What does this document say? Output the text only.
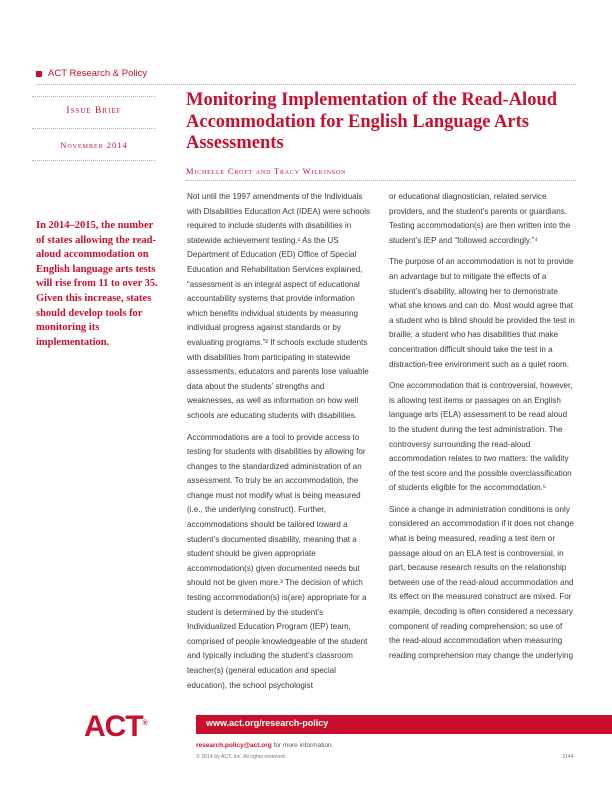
ACT Research & Policy
Issue Brief
November 2014
Monitoring Implementation of the Read-Aloud Accommodation for English Language Arts Assessments
Michelle Croft and Tracy Wilkinson
In 2014–2015, the number of states allowing the read-aloud accommodation on English language arts tests will rise from 11 to over 35. Given this increase, states should develop tools for monitoring its implementation.

Not until the 1997 amendments of the Individuals with Disabilities Education Act (IDEA) were schools required to include students with disabilities in statewide achievement testing.¹ As the US Department of Education (ED) Office of Special Education and Rehabilitation Services explained, “assessment is an integral aspect of educational accountability systems that provide information which benefits individual students by measuring individual progress against standards or by evaluating programs.”² If schools exclude students with disabilities from participating in statewide assessments, educators and parents lose valuable data about the students’ strengths and weaknesses, as well as information on how well schools are educating students with disabilities.

Accommodations are a tool to provide access to testing for students with disabilities by allowing for changes to the standardized administration of an assessment. To truly be an accommodation, the change must not modify what is being measured (i.e., the underlying construct). Further, accommodations should be tailored toward a student’s documented disability, meaning that a student should be given appropriate accommodation(s) given documented needs but should not be given more.³ The decision of which testing accommodation(s) is(are) appropriate for a student is determined by the student’s Individualized Education Program (IEP) team, comprised of people knowledgeable of the student and typically including the student’s classroom teacher(s) (general education and special education), the school psychologist

or educational diagnostician, related service providers, and the student’s parents or guardians. Testing accommodation(s) are then written into the student’s IEP and “followed accordingly.”⁴

The purpose of an accommodation is not to provide an advantage but to mitigate the effects of a student’s disability, allowing her to demonstrate what she knows and can do. Most would agree that a student who is blind should be provided the test in braille; a student who has disabilities that make concentration difficult should take the test in a distraction-free environment such as a quiet room.

One accommodation that is controversial, however, is allowing test items or passages on an English language arts (ELA) assessment to be read aloud to the student during the test administration. The controversy surrounding the read-aloud accommodation relates to two matters: the validity of the test score and the possible overclassification of students eligible for the accommodation.⁵

Since a change in administration conditions is only considered an accommodation if it does not change what is being measured, reading a test item or passage aloud on an ELA test is controversial, in part, because research results on the relationship between use of the read-aloud accommodation and its effect on the measured construct are mixed. For example, decoding is often considered a necessary component of reading comprehension; so use of the read-aloud accommodation when measuring reading comprehension may change the underlying

ACT®	www.act.org/research-policy
research.policy@act.org for more information.
© 2014 by ACT, Inc. All rights reserved.	3144
